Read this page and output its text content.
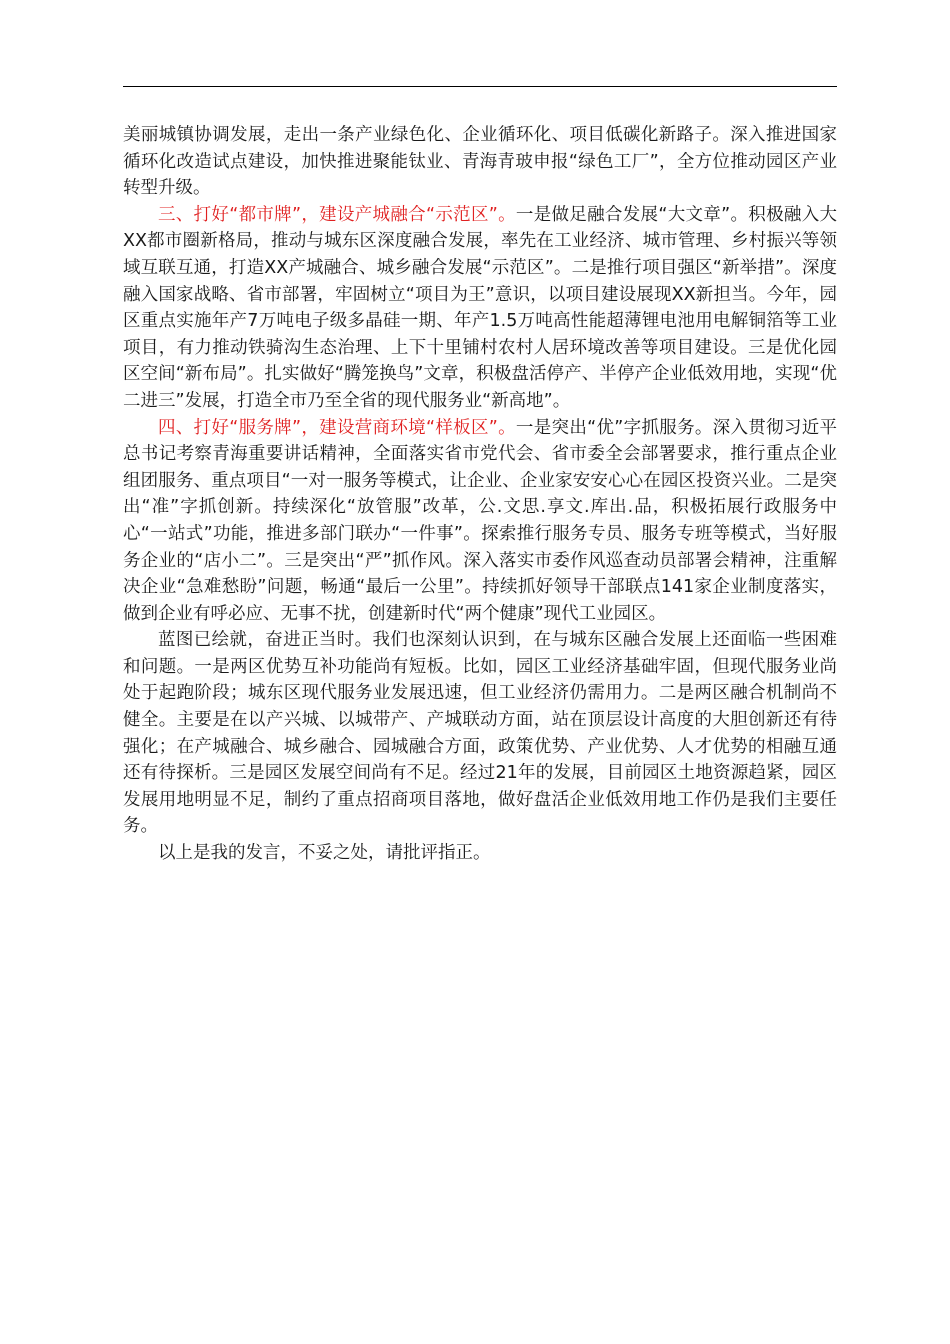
美丽城镇协调发展，走出一条产业绿色化、企业循环化、项目低碳化新路子。深入推进国家循环化改造试点建设，加快推进聚能钛业、青海青玻申报“绿色工厂”，全方位推动园区产业转型升级。

三、打好“都市牌”，建设产城融合“示范区”。一是做足融合发展“大文章”。积极融入大XX都市圈新格局，推动与城东区深度融合发展，率先在工业经济、城市管理、乡村振兴等领域互联互通，打造XX产城融合、城乡融合发展“示范区”。二是推行项目强区“新举措”。深度融入国家战略、省市部署，牢固树立“项目为王”意识，以项目建设展现XX新担当。今年，园区重点实施年产7万吨电子级多晶硅一期、年产1.5万吨高性能超薄锂电池用电解铜箔等工业项目，有力推动铁骑沟生态治理、上下十里铺村农村人居环境改善等项目建设。三是优化园区空间“新布局”。扎实做好“腾笼换鸟”文章，积极盘活停产、半停产企业低效用地，实现“优二进三”发展，打造全市乃至全省的现代服务业“新高地”。

四、打好“服务牌”，建设营商环境“样板区”。一是突出“优”字抓服务。深入贯彻习近平总书记考察青海重要讲话精神，全面落实省市党代会、省市委全会部署要求，推行重点企业组团服务、重点项目“一对一服务等模式，让企业、企业家安安心心在园区投资兴业。二是突出“准”字抓创新。持续深化“放管服”改革，公.文思.享文.库出.品，积极拓展行政服务中心“一站式”功能，推进多部门联办“一件事”。探索推行服务专员、服务专班等模式，当好服务企业的“店小二”。三是突出“严”抓作风。深入落实市委作风巡查动员部署会精神，注重解决企业“急难愁盼”问题，畅通“最后一公里”。持续抓好领导干部联点141家企业制度落实，做到企业有呼必应、无事不扰，创建新时代“两个健康”现代工业园区。

蓝图已绘就，奋进正当时。我们也深刻认识到，在与城东区融合发展上还面临一些困难和问题。一是两区优势互补功能尚有短板。比如，园区工业经济基础牢固，但现代服务业尚处于起跑阶段；城东区现代服务业发展迅速，但工业经济仍需用力。二是两区融合机制尚不健全。主要是在以产兴城、以城带产、产城联动方面，站在顶层设计高度的大胆创新还有待强化；在产城融合、城乡融合、园城融合方面，政策优势、产业优势、人才优势的相融互通还有待探析。三是园区发展空间尚有不足。经过21年的发展，目前园区土地资源趋紧，园区发展用地明显不足，制约了重点招商项目落地，做好盘活企业低效用地工作仍是我们主要任务。

以上是我的发言，不妥之处，请批评指正。
